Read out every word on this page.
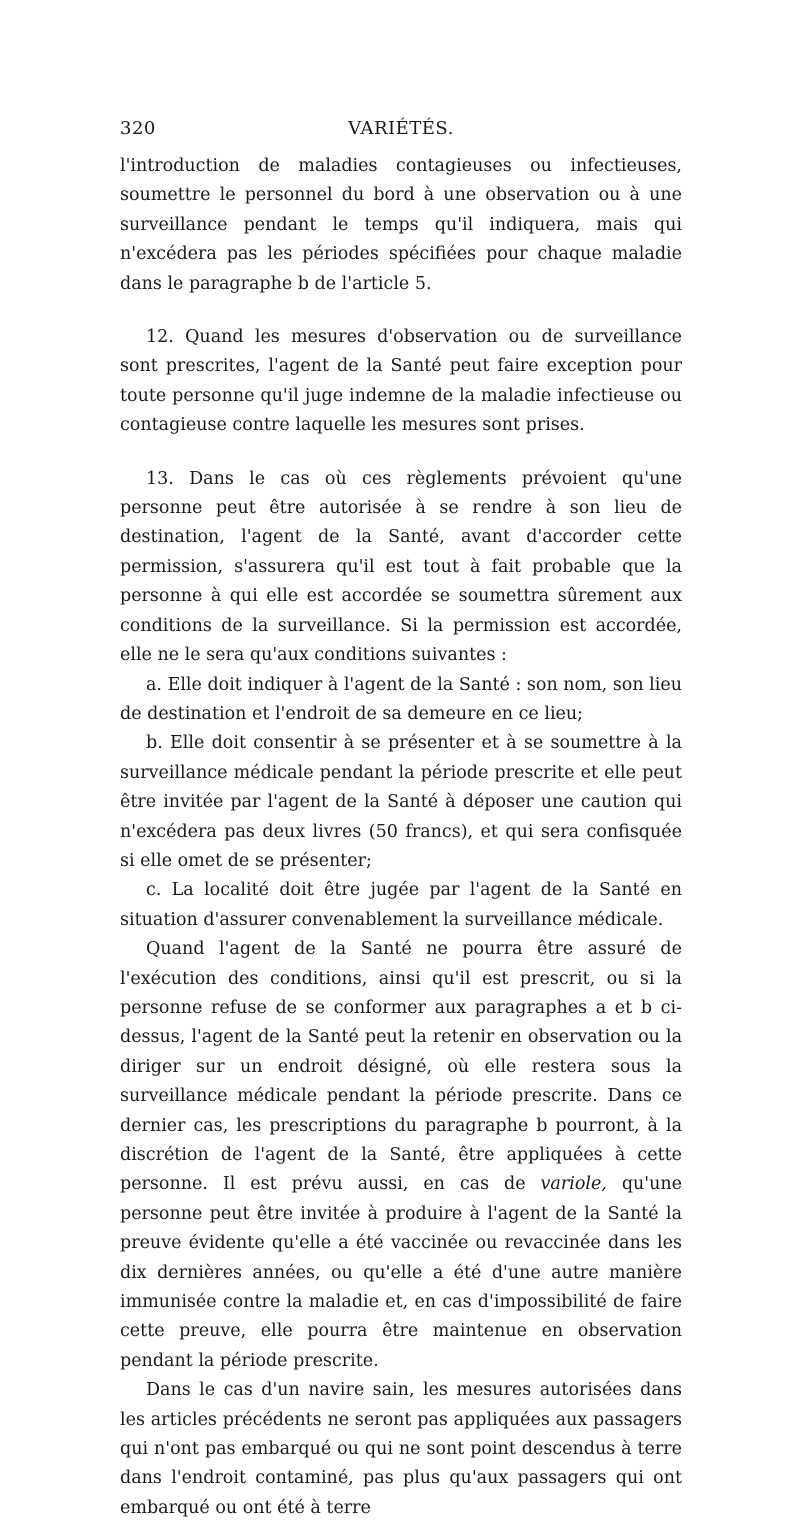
320	VARIÉTÉS.

l'introduction de maladies contagieuses ou infectieuses, soumettre le personnel du bord à une observation ou à une surveillance pendant le temps qu'il indiquera, mais qui n'excédera pas les périodes spécifiées pour chaque maladie dans le paragraphe b de l'article 5.

12. Quand les mesures d'observation ou de surveillance sont prescrites, l'agent de la Santé peut faire exception pour toute personne qu'il juge indemne de la maladie infectieuse ou contagieuse contre laquelle les mesures sont prises.

13. Dans le cas où ces règlements prévoient qu'une personne peut être autorisée à se rendre à son lieu de destination, l'agent de la Santé, avant d'accorder cette permission, s'assurera qu'il est tout à fait probable que la personne à qui elle est accordée se soumettra sûrement aux conditions de la surveillance. Si la permission est accordée, elle ne le sera qu'aux conditions suivantes :

a. Elle doit indiquer à l'agent de la Santé : son nom, son lieu de destination et l'endroit de sa demeure en ce lieu;

b. Elle doit consentir à se présenter et à se soumettre à la surveillance médicale pendant la période prescrite et elle peut être invitée par l'agent de la Santé à déposer une caution qui n'excédera pas deux livres (50 francs), et qui sera confisquée si elle omet de se présenter;

c. La localité doit être jugée par l'agent de la Santé en situation d'assurer convenablement la surveillance médicale.

Quand l'agent de la Santé ne pourra être assuré de l'exécution des conditions, ainsi qu'il est prescrit, ou si la personne refuse de se conformer aux paragraphes a et b ci-dessus, l'agent de la Santé peut la retenir en observation ou la diriger sur un endroit désigné, où elle restera sous la surveillance médicale pendant la période prescrite. Dans ce dernier cas, les prescriptions du paragraphe b pourront, à la discrétion de l'agent de la Santé, être appliquées à cette personne. Il est prévu aussi, en cas de variole, qu'une personne peut être invitée à produire à l'agent de la Santé la preuve évidente qu'elle a été vaccinée ou revaccinée dans les dix dernières années, ou qu'elle a été d'une autre manière immunisée contre la maladie et, en cas d'impossibilité de faire cette preuve, elle pourra être maintenue en observation pendant la période prescrite.

Dans le cas d'un navire sain, les mesures autorisées dans les articles précédents ne seront pas appliquées aux passagers qui n'ont pas embarqué ou qui ne sont point descendus à terre dans l'endroit contaminé, pas plus qu'aux passagers qui ont embarqué ou ont été à terre
